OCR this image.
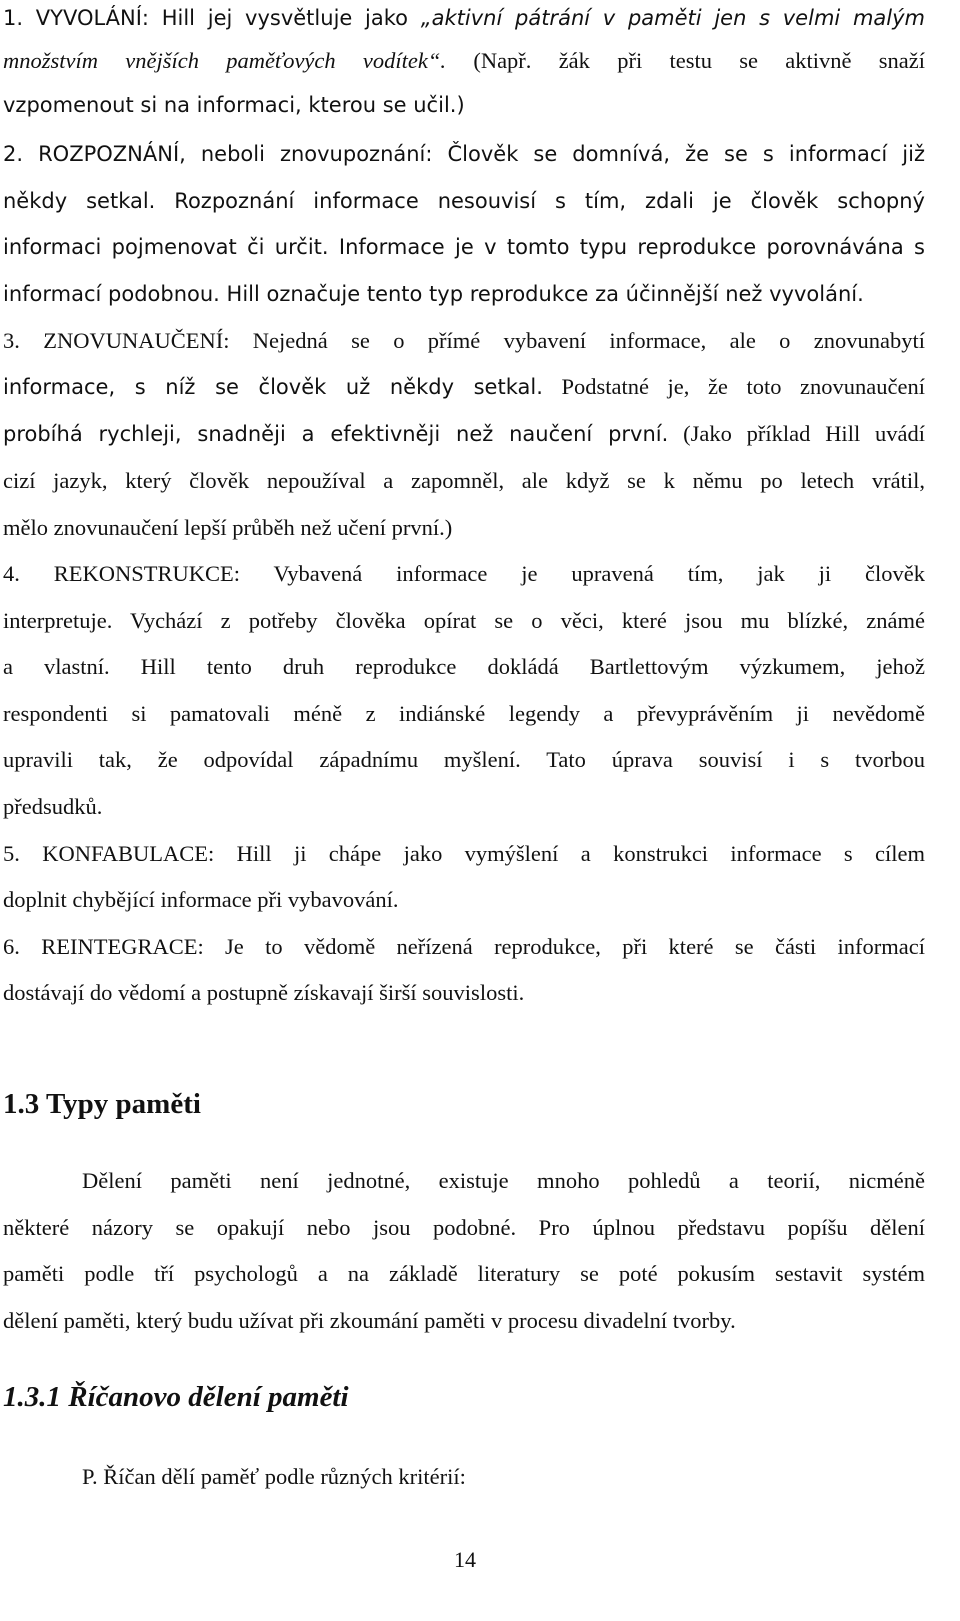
1. VYVOLÁNÍ: Hill jej vysvětluje jako „aktivní pátrání v paměti jen s velmi malým
množstvím vnějších paměťových vodítek“. (Např. žák při testu se aktivně snaží
vzpomenout si na informaci, kterou se učil.)
2. ROZPOZNÁNÍ, neboli znovupoznání: Člověk se domnívá, že se s informací již
někdy setkal. Rozpoznání informace nesouvisí s tím, zdali je člověk schopný
informaci pojmenovat či určit. Informace je v tomto typu reprodukce porovnávána s
informací podobnou. Hill označuje tento typ reprodukce za účinnější než vyvolání.
3. ZNOVUNAUČENÍ: Nejedná se o přímé vybavení informace, ale o znovunabytí
informace, s níž se člověk už někdy setkal. Podstatné je, že toto znovunaučení
probíhá rychleji, snadněji a efektivněji než naučení první. (Jako příklad Hill uvádí
cizí jazyk, který člověk nepoužíval a zapomněl, ale když se k němu po letech vrátil,
mělo znovunaučení lepší průběh než učení první.)
4. REKONSTRUKCE: Vybavená informace je upravená tím, jak ji člověk
interpretuje. Vychází z potřeby člověka opírat se o věci, které jsou mu blízké, známé
a vlastní. Hill tento druh reprodukce dokládá Bartlettovým výzkumem, jehož
respondenti si pamatovali méně z indiánské legendy a převyprávěním ji nevědomě
upravili tak, že odpovídal západnímu myšlení. Tato úprava souvisí i s tvorbou
předsudků.
5. KONFABULACE: Hill ji chápe jako vymýšlení a konstrukci informace s cílem
doplnit chybějící informace při vybavování.
6. REINTEGRACE: Je to vědomě neřízená reprodukce, při které se části informací
dostávají do vědomí a postupně získavají širší souvislosti.
1.3 Typy paměti
Dělení paměti není jednotné, existuje mnoho pohledů a teorií, nicméně
některé názory se opakují nebo jsou podobné. Pro úplnou představu popíšu dělení
paměti podle tří psychologů a na základě literatury se poté pokusím sestavit systém
dělení paměti, který budu užívat při zkoumání paměti v procesu divadelní tvorby.
1.3.1 Říčanovo dělení paměti
P. Říčan dělí paměť podle různých kritérií:
14
